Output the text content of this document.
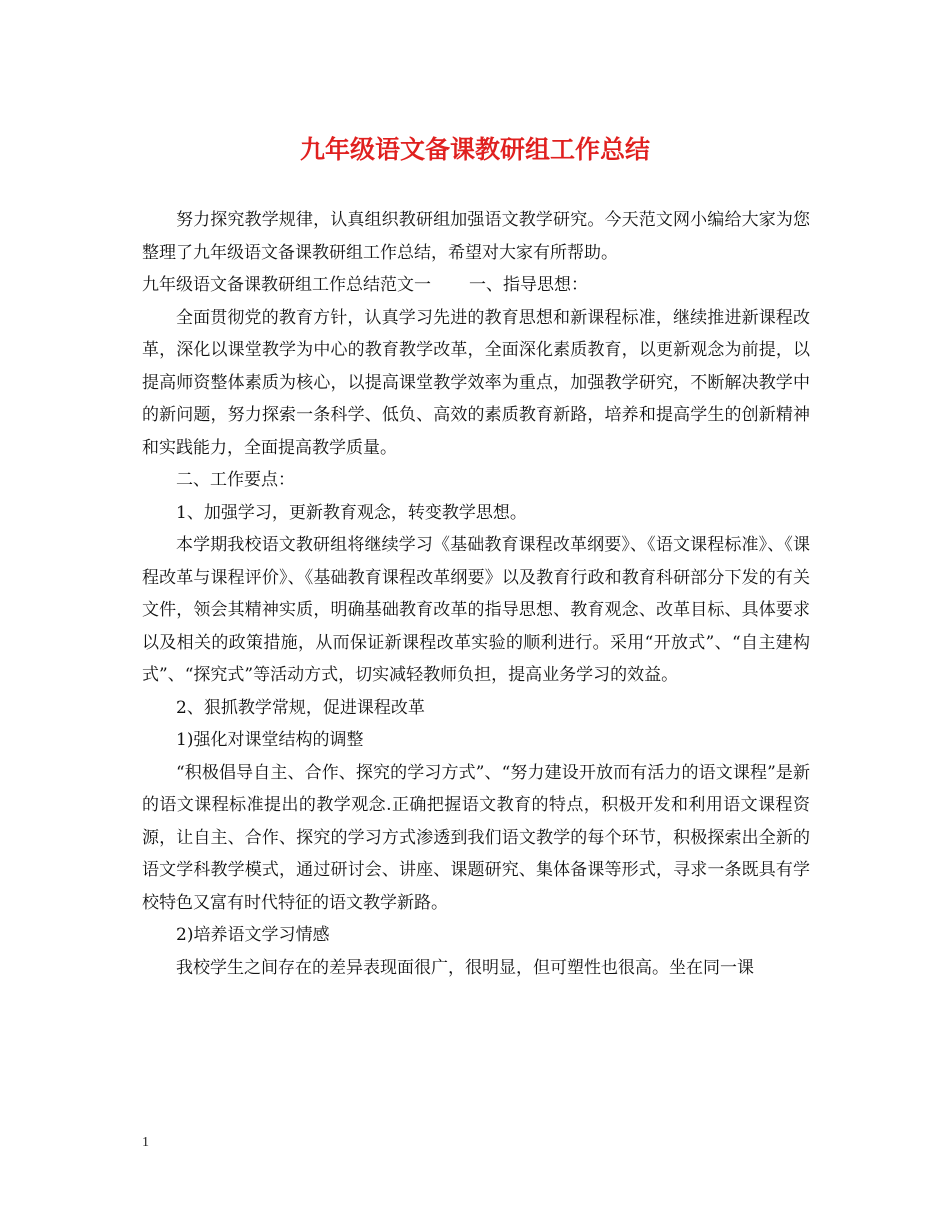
九年级语文备课教研组工作总结

努力探究教学规律，认真组织教研组加强语文教学研究。今天范文网小编给大家为您整理了九年级语文备课教研组工作总结，希望对大家有所帮助。

九年级语文备课教研组工作总结范文一 一、指导思想：

全面贯彻党的教育方针，认真学习先进的教育思想和新课程标准，继续推进新课程改革，深化以课堂教学为中心的教育教学改革，全面深化素质教育，以更新观念为前提，以提高师资整体素质为核心，以提高课堂教学效率为重点，加强教学研究，不断解决教学中的新问题，努力探索一条科学、低负、高效的素质教育新路，培养和提高学生的创新精神和实践能力，全面提高教学质量。

二、工作要点：

1、加强学习，更新教育观念，转变教学思想。

本学期我校语文教研组将继续学习《基础教育课程改革纲要》、《语文课程标准》、《课程改革与课程评价》、《基础教育课程改革纲要》以及教育行政和教育科研部分下发的有关文件，领会其精神实质，明确基础教育改革的指导思想、教育观念、改革目标、具体要求以及相关的政策措施，从而保证新课程改革实验的顺利进行。采用“开放式”、“自主建构式”、“探究式”等活动方式，切实减轻教师负担，提高业务学习的效益。

2、狠抓教学常规，促进课程改革

1)强化对课堂结构的调整

“积极倡导自主、合作、探究的学习方式”、“努力建设开放而有活力的语文课程”是新的语文课程标准提出的教学观念.正确把握语文教育的特点，积极开发和利用语文课程资源，让自主、合作、探究的学习方式渗透到我们语文教学的每个环节，积极探索出全新的语文学科教学模式，通过研讨会、讲座、课题研究、集体备课等形式，寻求一条既具有学校特色又富有时代特征的语文教学新路。

2)培养语文学习情感

我校学生之间存在的差异表现面很广，很明显，但可塑性也很高。坐在同一课

1
